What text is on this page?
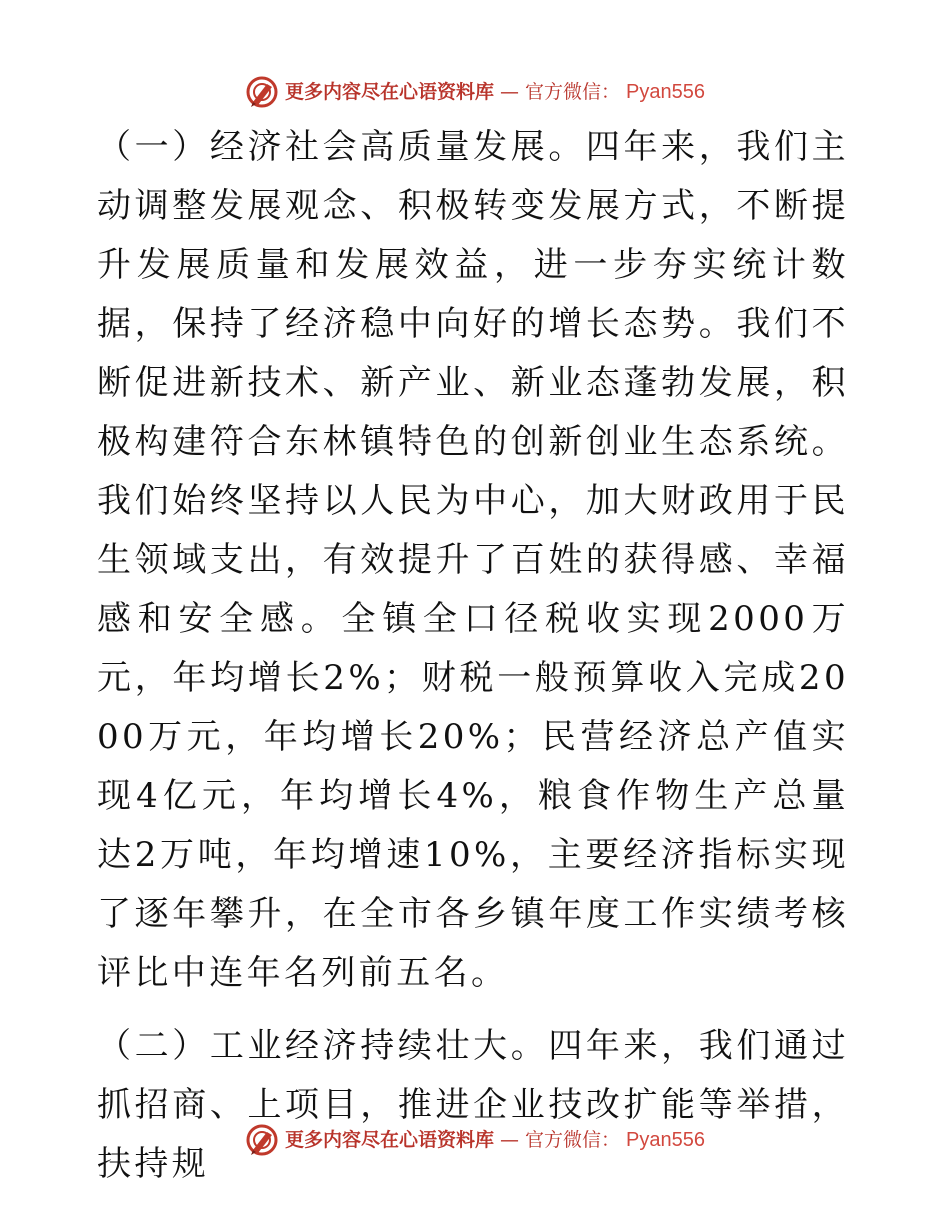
更多内容尽在心语资料库 — 官方微信： Pyan556

（一）经济社会高质量发展。四年来，我们主动调整发展观念、积极转变发展方式，不断提升发展质量和发展效益，进一步夯实统计数据，保持了经济稳中向好的增长态势。我们不断促进新技术、新产业、新业态蓬勃发展，积极构建符合东林镇特色的创新创业生态系统。我们始终坚持以人民为中心，加大财政用于民生领域支出，有效提升了百姓的获得感、幸福感和安全感。全镇全口径税收实现2000万元，年均增长2%；财税一般预算收入完成2000万元，年均增长20%；民营经济总产值实现4亿元，年均增长4%，粮食作物生产总量达2万吨，年均增速10%，主要经济指标实现了逐年攀升，在全市各乡镇年度工作实绩考核评比中连年名列前五名。

（二）工业经济持续壮大。四年来，我们通过抓招商、上项目，推进企业技改扩能等举措，扶持规

更多内容尽在心语资料库 — 官方微信： Pyan556
